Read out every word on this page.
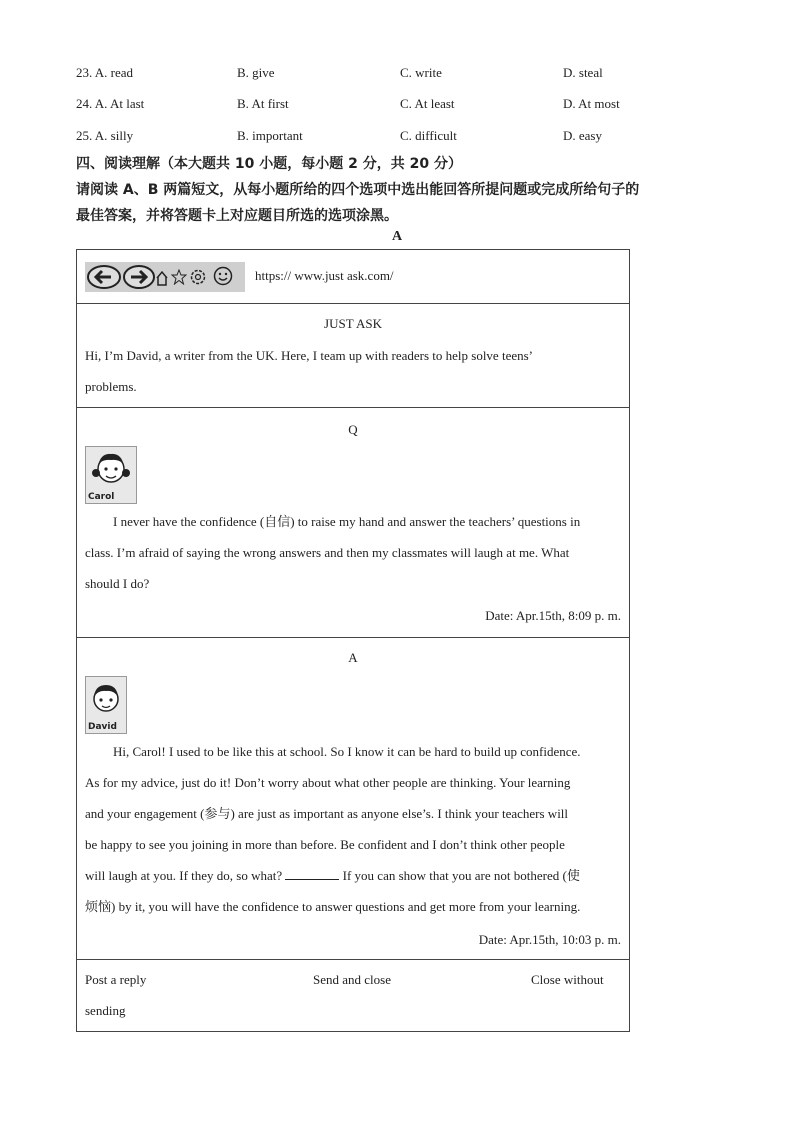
23. A. read	B. give	C. write	D. steal
24. A. At last	B. At first	C. At least	D. At most
25. A. silly	B. important	C. difficult	D. easy
四、阅读理解（本大题共 10 小题，每小题 2 分，共 20 分）
请阅读 A、B 两篇短文，从每小题所给的四个选项中选出能回答所提问题或完成所给句子的
最佳答案，并将答题卡上对应题目所选的选项涂黑。
A
https:// www.just ask.com/
JUST ASK
Hi, I’m David, a writer from the UK. Here, I team up with readers to help solve teens’
problems.
Q
Carol
I never have the confidence (自信) to raise my hand and answer the teachers’ questions in
class. I’m afraid of saying the wrong answers and then my classmates will laugh at me. What
should I do?
Date: Apr.15th, 8:09 p. m.
A
David
Hi, Carol! I used to be like this at school. So I know it can be hard to build up confidence.
As for my advice, just do it! Don’t worry about what other people are thinking. Your learning
and your engagement (参与) are just as important as anyone else’s. I think your teachers will
be happy to see you joining in more than before. Be confident and I don’t think other people
will laugh at you. If they do, so what?	If you can show that you are not bothered (使
烦恼) by it, you will have the confidence to answer questions and get more from your learning.
Date: Apr.15th, 10:03 p. m.
Post a reply
sending
Send and close	Close without
